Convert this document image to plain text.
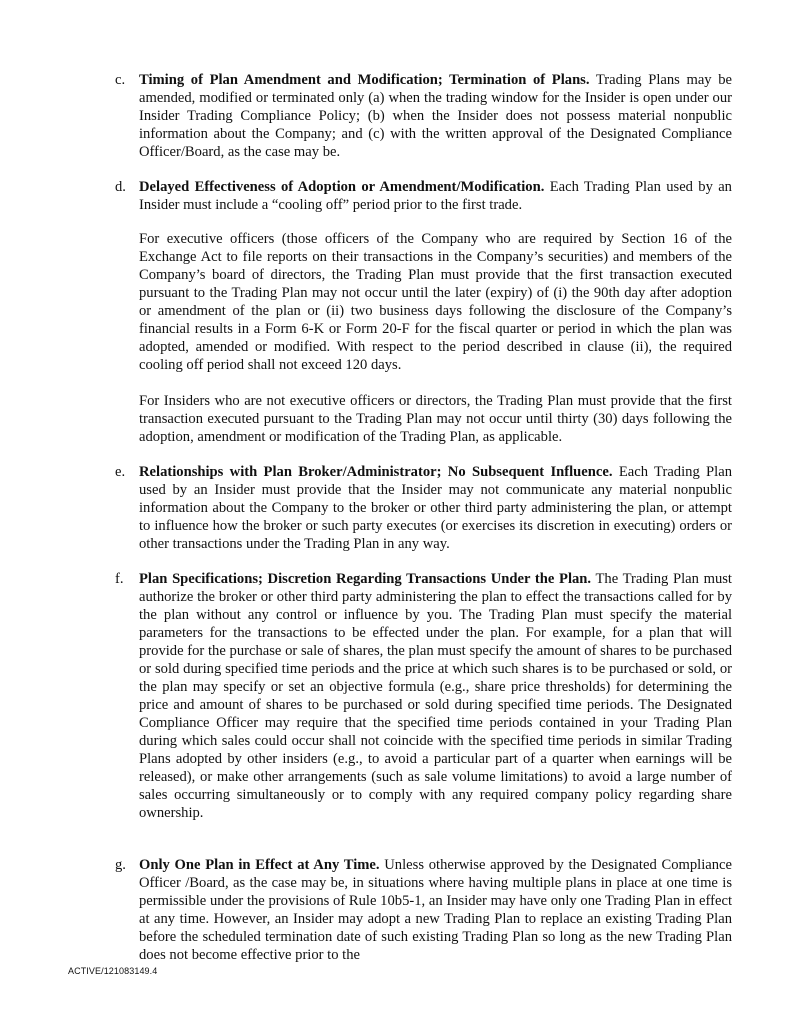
c. Timing of Plan Amendment and Modification; Termination of Plans. Trading Plans may be amended, modified or terminated only (a) when the trading window for the Insider is open under our Insider Trading Compliance Policy; (b) when the Insider does not possess material nonpublic information about the Company; and (c) with the written approval of the Designated Compliance Officer/Board, as the case may be.

d. Delayed Effectiveness of Adoption or Amendment/Modification. Each Trading Plan used by an Insider must include a “cooling off” period prior to the first trade.

For executive officers (those officers of the Company who are required by Section 16 of the Exchange Act to file reports on their transactions in the Company’s securities) and members of the Company’s board of directors, the Trading Plan must provide that the first transaction executed pursuant to the Trading Plan may not occur until the later (expiry) of (i) the 90th day after adoption or amendment of the plan or (ii) two business days following the disclosure of the Company’s financial results in a Form 6-K or Form 20-F for the fiscal quarter or period in which the plan was adopted, amended or modified. With respect to the period described in clause (ii), the required cooling off period shall not exceed 120 days.

For Insiders who are not executive officers or directors, the Trading Plan must provide that the first transaction executed pursuant to the Trading Plan may not occur until thirty (30) days following the adoption, amendment or modification of the Trading Plan, as applicable.

e. Relationships with Plan Broker/Administrator; No Subsequent Influence. Each Trading Plan used by an Insider must provide that the Insider may not communicate any material nonpublic information about the Company to the broker or other third party administering the plan, or attempt to influence how the broker or such party executes (or exercises its discretion in executing) orders or other transactions under the Trading Plan in any way.

f. Plan Specifications; Discretion Regarding Transactions Under the Plan. The Trading Plan must authorize the broker or other third party administering the plan to effect the transactions called for by the plan without any control or influence by you. The Trading Plan must specify the material parameters for the transactions to be effected under the plan. For example, for a plan that will provide for the purchase or sale of shares, the plan must specify the amount of shares to be purchased or sold during specified time periods and the price at which such shares is to be purchased or sold, or the plan may specify or set an objective formula (e.g., share price thresholds) for determining the price and amount of shares to be purchased or sold during specified time periods. The Designated Compliance Officer may require that the specified time periods contained in your Trading Plan during which sales could occur shall not coincide with the specified time periods in similar Trading Plans adopted by other insiders (e.g., to avoid a particular part of a quarter when earnings will be released), or make other arrangements (such as sale volume limitations) to avoid a large number of sales occurring simultaneously or to comply with any required company policy regarding share ownership.

g. Only One Plan in Effect at Any Time. Unless otherwise approved by the Designated Compliance Officer /Board, as the case may be, in situations where having multiple plans in place at one time is permissible under the provisions of Rule 10b5-1, an Insider may have only one Trading Plan in effect at any time. However, an Insider may adopt a new Trading Plan to replace an existing Trading Plan before the scheduled termination date of such existing Trading Plan so long as the new Trading Plan does not become effective prior to the

ACTIVE/121083149.4
